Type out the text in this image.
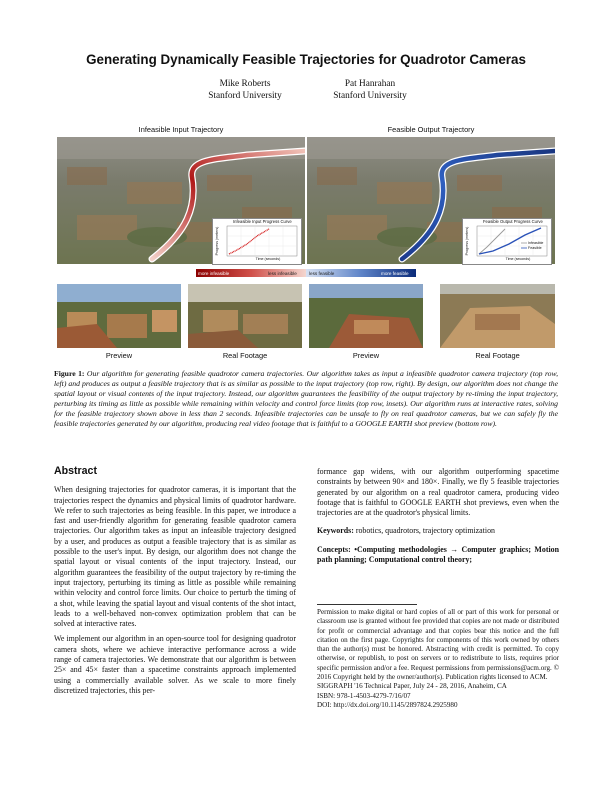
Generating Dynamically Feasible Trajectories for Quadrotor Cameras
Mike Roberts
Stanford University
Pat Hanrahan
Stanford University
Infeasible Input Trajectory	Feasible Output Trajectory
Infeasible Input Progress Curve
Time (seconds)
Progress (meters)
Feasible Output Progress Curve
Infeasible
Feasible
Time (seconds)
Progress (meters)
more infeasible	less infeasible	less feasible	more feasible
Preview	Real Footage	Preview	Real Footage
Figure 1: Our algorithm for generating feasible quadrotor camera trajectories. Our algorithm takes as input a infeasible quadrotor camera trajectory (top row, left) and produces as output a feasible trajectory that is as similar as possible to the input trajectory (top row, right). By design, our algorithm does not change the spatial layout or visual contents of the input trajectory. Instead, our algorithm guarantees the feasibility of the output trajectory by re-timing the input trajectory, perturbing its timing as little as possible while remaining within velocity and control force limits (top row, insets). Our algorithm runs at interactive rates, solving for the feasible trajectory shown above in less than 2 seconds. Infeasible trajectories can be unsafe to fly on real quadrotor cameras, but we can safely fly the feasible trajectories generated by our algorithm, producing real video footage that is faithful to a GOOGLE EARTH shot preview (bottom row).
Abstract

When designing trajectories for quadrotor cameras, it is important that the trajectories respect the dynamics and physical limits of quadrotor hardware. We refer to such trajectories as being feasible. In this paper, we introduce a fast and user-friendly algorithm for generating feasible quadrotor camera trajectories. Our algorithm takes as input an infeasible trajectory designed by a user, and produces as output a feasible trajectory that is as similar as possible to the user's input. By design, our algorithm does not change the spatial layout or visual contents of the input trajectory. Instead, our algorithm guarantees the feasibility of the output trajectory by re-timing the input trajectory, perturbing its timing as little as possible while remaining within velocity and control force limits. Our choice to perturb the timing of a shot, while leaving the spatial layout and visual contents of the shot intact, leads to a well-behaved non-convex optimization problem that can be solved at interactive rates.

We implement our algorithm in an open-source tool for designing quadrotor camera shots, where we achieve interactive performance across a wide range of camera trajectories. We demonstrate that our algorithm is between 25× and 45× faster than a spacetime constraints approach implemented using a commercially available solver. As we scale to more finely discretized trajectories, this per-

formance gap widens, with our algorithm outperforming spacetime constraints by between 90× and 180×. Finally, we fly 5 feasible trajectories generated by our algorithm on a real quadrotor camera, producing video footage that is faithful to GOOGLE EARTH shot previews, even when the trajectories are at the quadrotor's physical limits.

Keywords: robotics, quadrotors, trajectory optimization

Concepts: •Computing methodologies → Computer graphics; Motion path planning; Computational control theory;

Permission to make digital or hard copies of all or part of this work for personal or classroom use is granted without fee provided that copies are not made or distributed for profit or commercial advantage and that copies bear this notice and the full citation on the first page. Copyrights for components of this work owned by others than the author(s) must be honored. Abstracting with credit is permitted. To copy otherwise, or republish, to post on servers or to redistribute to lists, requires prior specific permission and/or a fee. Request permissions from permissions@acm.org. © 2016 Copyright held by the owner/author(s). Publication rights licensed to ACM.
SIGGRAPH '16 Technical Paper, July 24 - 28, 2016, Anaheim, CA
ISBN: 978-1-4503-4279-7/16/07
DOI: http://dx.doi.org/10.1145/2897824.2925980
